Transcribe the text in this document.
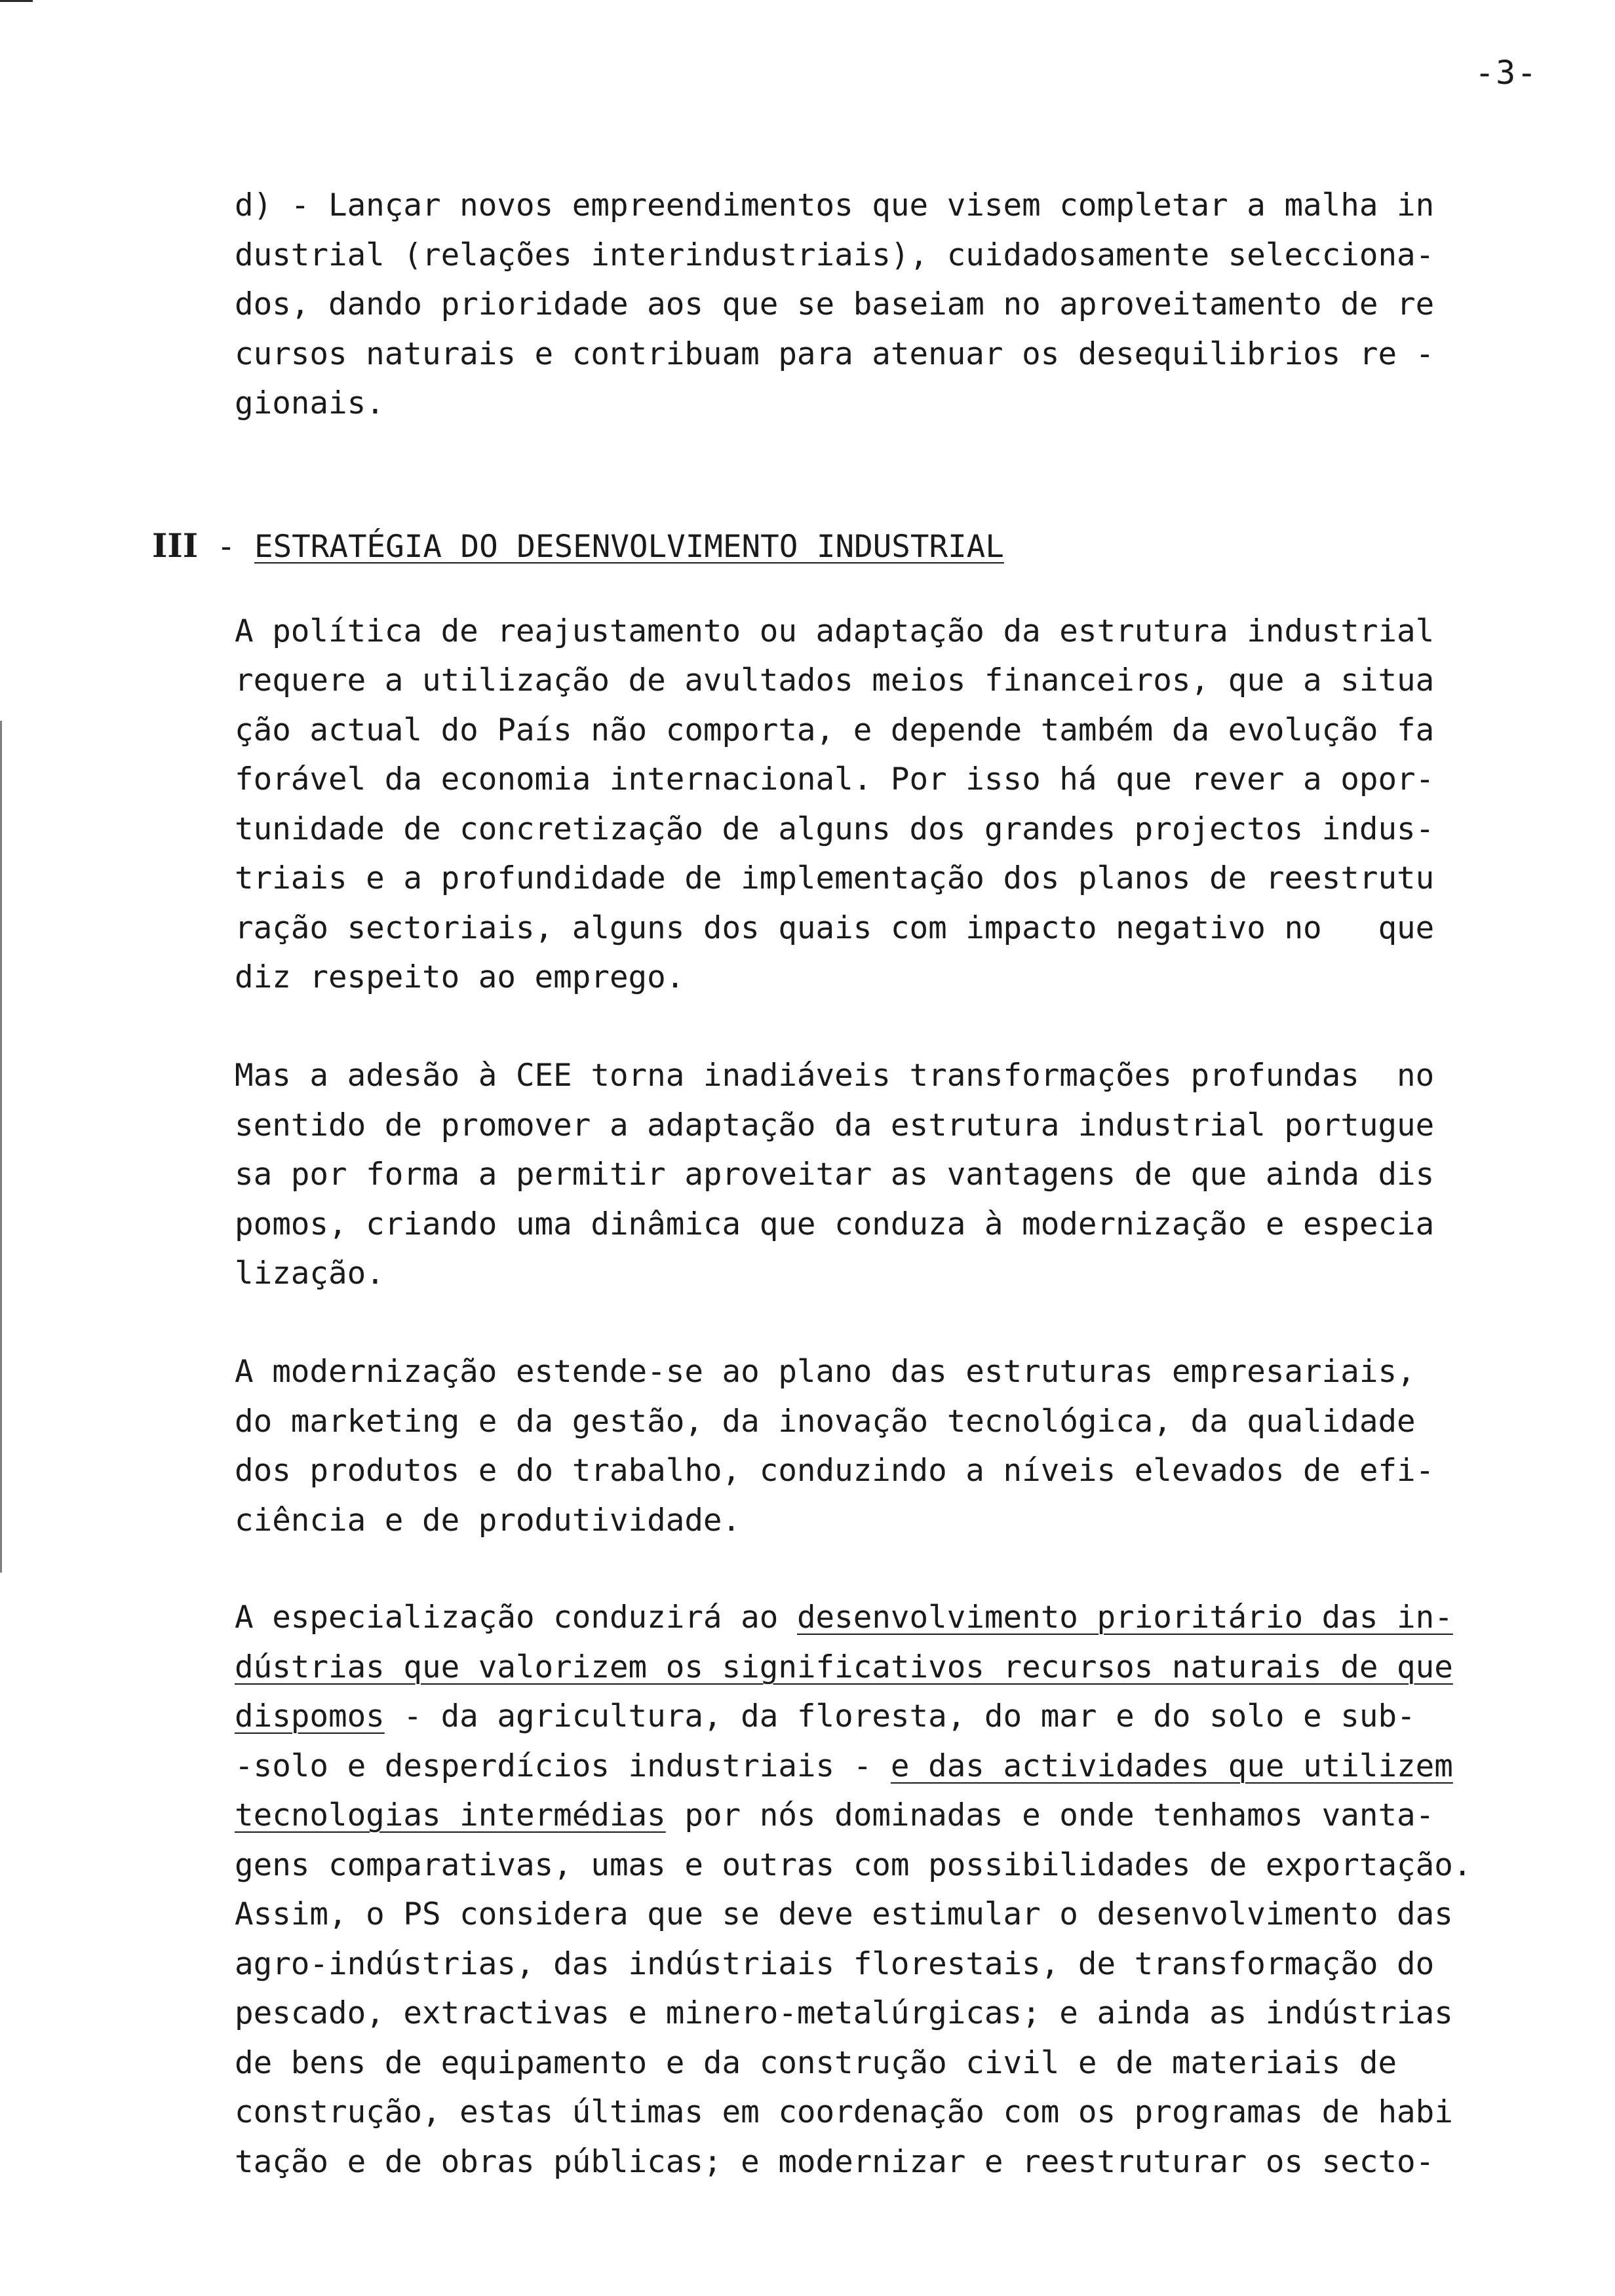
-3-
d) - Lançar novos empreendimentos que visem completar a malha in
dustrial (relações interindustriais), cuidadosamente selecciona-
dos, dando prioridade aos que se baseiam no aproveitamento de re
cursos naturais e contribuam para atenuar os desequilibrios re -
gionais.
III - ESTRATÉGIA DO DESENVOLVIMENTO INDUSTRIAL
A política de reajustamento ou adaptação da estrutura industrial
requere a utilização de avultados meios financeiros, que a situa
ção actual do País não comporta, e depende também da evolução fa
forável da economia internacional. Por isso há que rever a opor-
tunidade de concretização de alguns dos grandes projectos indus-
triais e a profundidade de implementação dos planos de reestrutu
ração sectoriais, alguns dos quais com impacto negativo no   que
diz respeito ao emprego.
Mas a adesão à CEE torna inadiáveis transformações profundas  no
sentido de promover a adaptação da estrutura industrial portugue
sa por forma a permitir aproveitar as vantagens de que ainda dis
pomos, criando uma dinâmica que conduza à modernização e especia
lização.
A modernização estende-se ao plano das estruturas empresariais,
do marketing e da gestão, da inovação tecnológica, da qualidade
dos produtos e do trabalho, conduzindo a níveis elevados de efi-
ciência e de produtividade.
A especialização conduzirá ao desenvolvimento prioritário das in-
dústrias que valorizem os significativos recursos naturais de que
dispomos - da agricultura, da floresta, do mar e do solo e sub-
-solo e desperdícios industriais - e das actividades que utilizem
tecnologias intermédias por nós dominadas e onde tenhamos vanta-
gens comparativas, umas e outras com possibilidades de exportação.
Assim, o PS considera que se deve estimular o desenvolvimento das
agro-indústrias, das indústriais florestais, de transformação do
pescado, extractivas e minero-metalúrgicas; e ainda as indústrias
de bens de equipamento e da construção civil e de materiais de
construção, estas últimas em coordenação com os programas de habi
tação e de obras públicas; e modernizar e reestruturar os secto-
